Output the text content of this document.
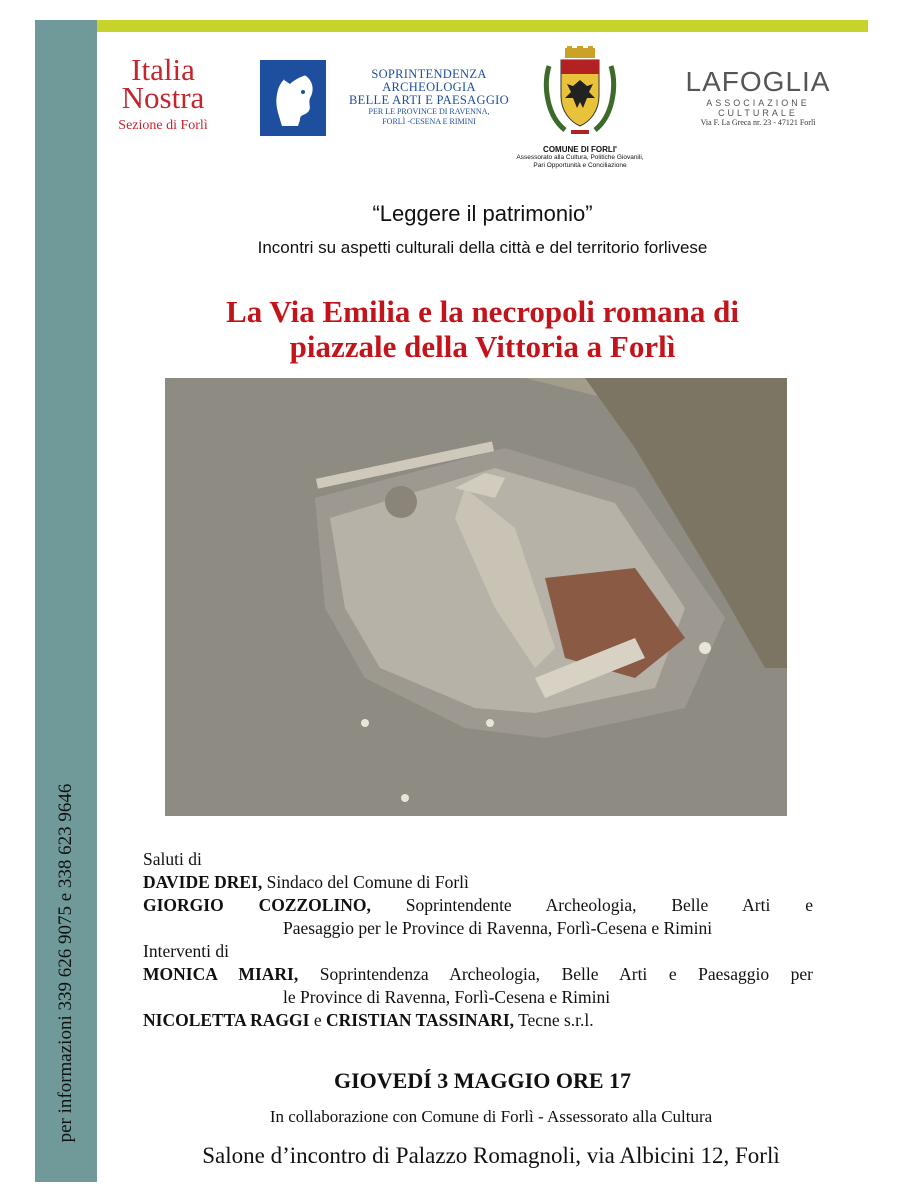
per informazioni 339 626 9075 e 338 623 9646
Italia
Nostra
Sezione di Forlì
SOPRINTENDENZA
ARCHEOLOGIA
BELLE ARTI E PAESAGGIO
PER LE PROVINCE DI RAVENNA,
FORLÌ -CESENA E RIMINI
COMUNE DI FORLI'
Assessorato alla Cultura, Politiche Giovanili,
Pari Opportunità e Conciliazione
LAFOGLIA
ASSOCIAZIONE CULTURALE
Via F. La Greca nr. 23 - 47121 Forlì
“Leggere il patrimonio”
Incontri su aspetti culturali della città e del territorio forlivese
La Via Emilia e la necropoli romana di
piazzale della Vittoria a Forlì
Saluti di
DAVIDE DREI, Sindaco del Comune di Forlì
GIORGIO COZZOLINO, Soprintendente Archeologia, Belle Arti e
Paesaggio per le Province di Ravenna, Forlì-Cesena e Rimini
Interventi di
MONICA MIARI, Soprintendenza Archeologia, Belle Arti e Paesaggio per
le Province di Ravenna, Forlì-Cesena e Rimini
NICOLETTA RAGGI e CRISTIAN TASSINARI, Tecne s.r.l.
GIOVEDÍ 3 MAGGIO ORE 17
In collaborazione con Comune di Forlì - Assessorato alla Cultura
Salone d’incontro di Palazzo Romagnoli, via Albicini 12, Forlì
